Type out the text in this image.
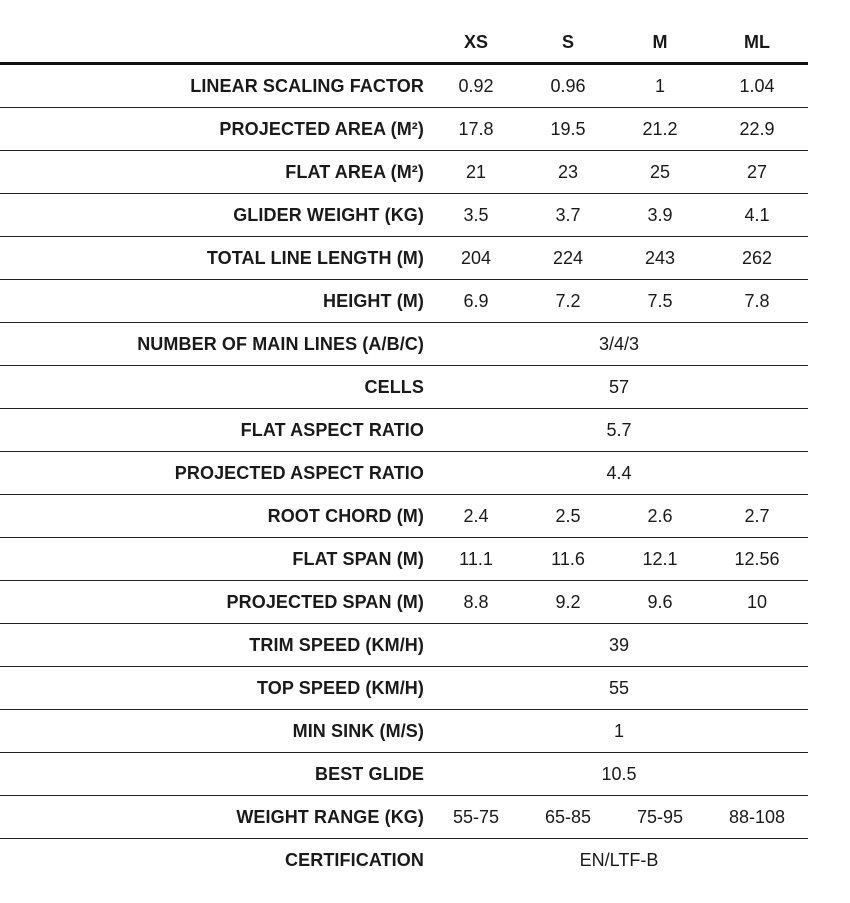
XS	S	M	ML
LINEAR SCALING FACTOR	0.92	0.96	1	1.04
PROJECTED AREA (M²)	17.8	19.5	21.2	22.9
FLAT AREA (M²)	21	23	25	27
GLIDER WEIGHT (KG)	3.5	3.7	3.9	4.1
TOTAL LINE LENGTH (M)	204	224	243	262
HEIGHT (M)	6.9	7.2	7.5	7.8
NUMBER OF MAIN LINES (A/B/C)	3/4/3
CELLS	57
FLAT ASPECT RATIO	5.7
PROJECTED ASPECT RATIO	4.4
ROOT CHORD (M)	2.4	2.5	2.6	2.7
FLAT SPAN (M)	11.1	11.6	12.1	12.56
PROJECTED SPAN (M)	8.8	9.2	9.6	10
TRIM SPEED (KM/H)	39
TOP SPEED (KM/H)	55
MIN SINK (M/S)	1
BEST GLIDE	10.5
WEIGHT RANGE (KG)	55-75	65-85	75-95	88-108
CERTIFICATION	EN/LTF-B
